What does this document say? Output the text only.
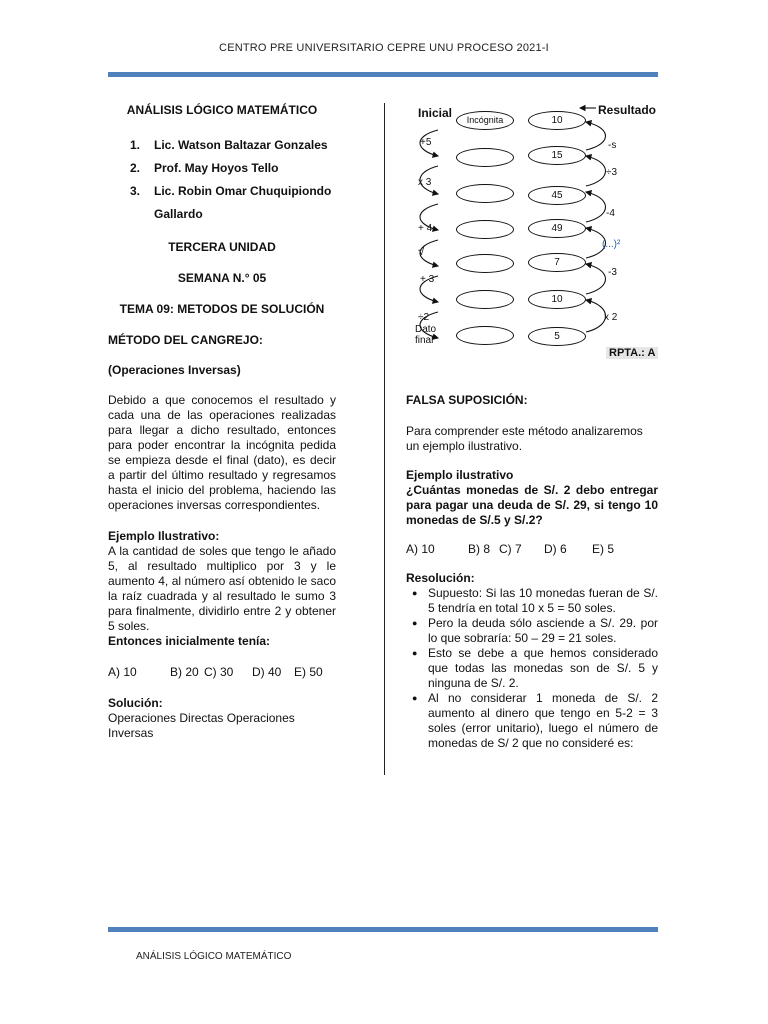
CENTRO PRE UNIVERSITARIO CEPRE UNU PROCESO 2021-I
ANÁLISIS LÓGICO MATEMÁTICO
1. Lic. Watson Baltazar Gonzales
2. Prof. May Hoyos Tello
3. Lic. Robin Omar Chuquipiondo Gallardo
TERCERA UNIDAD
SEMANA N.° 05
TEMA 09: METODOS DE SOLUCIÓN
MÉTODO DEL CANGREJO:
(Operaciones Inversas)
Debido a que conocemos el resultado y cada una de las operaciones realizadas para llegar a dicho resultado, entonces para poder encontrar la incógnita pedida se empieza desde el final (dato), es decir a partir del último resultado y regresamos hasta el inicio del problema, haciendo las operaciones inversas correspondientes.
Ejemplo Ilustrativo:
A la cantidad de soles que tengo le añado 5, al resultado multiplico por 3 y le aumento 4, al número así obtenido le saco la raíz cuadrada y al resultado le sumo 3 para finalmente, dividirlo entre 2 y obtener 5 soles.
Entonces inicialmente tenía:
A) 10	B) 20 C) 30 D) 40 E) 50
Solución:
Operaciones Directas Operaciones Inversas
Inicial	Resultado
Dato
final
+5
x 3
+ 4
√
+ 3
÷2
-s
÷3
-4
(...)²
-3
x 2
Incógnita	10
15
45
49
7
10
5
RPTA.: A
FALSA SUPOSICIÓN:
Para comprender este método analizaremos un ejemplo ilustrativo.
Ejemplo ilustrativo
¿Cuántas monedas de S/. 2 debo entregar para pagar una deuda de S/. 29, si tengo 10 monedas de S/.5 y S/.2?
A) 10	B) 8 C) 7 D) 6 E) 5
Resolución:
● Supuesto: Si las 10 monedas fueran de S/. 5 tendría en total 10 x 5 = 50 soles.
● Pero la deuda sólo asciende a S/. 29. por lo que sobraría: 50 – 29 = 21 soles.
● Esto se debe a que hemos considerado que todas las monedas son de S/. 5 y ninguna de S/. 2.
● Al no considerar 1 moneda de S/. 2 aumento al dinero que tengo en 5-2 = 3 soles (error unitario), luego el número de monedas de S/ 2 que no consideré es:
ANÁLISIS LÓGICO MATEMÁTICO
